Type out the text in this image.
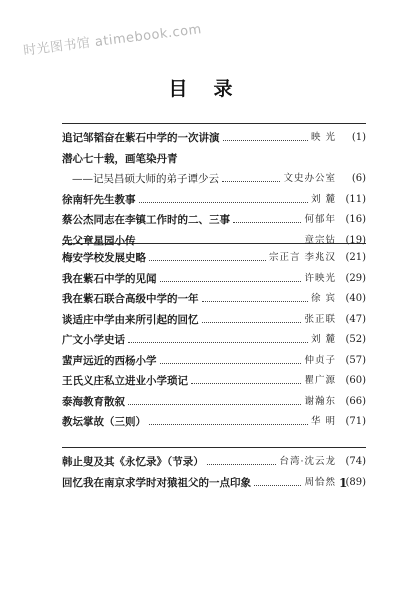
时光图书馆 atimebook.com
目录
追记邹韬奋在紫石中学的一次讲演	映 光	(1)
潜心七十载，画笔染丹青
——记吴昌硕大师的弟子谭少云	文史办公室	(6)
徐南轩先生教事	刘 麓 (11)
蔡公杰同志在李镇工作时的二、三事	何郁年 (16)
先父章星园小传	章宗钻 (19)
梅安学校发展史略	宗正言 李兆汉 (21)
我在紫石中学的见闻	许映光 (29)
我在紫石联合高级中学的一年	徐 宾 (40)
谈适庄中学由来所引起的回忆	张正联 (47)
广文小学史话	刘 麓 (52)
蜚声远近的西杨小学	仲贞子 (57)
王氏义庄私立进业小学琐记	瞿广源 (60)
泰海教育散叙	谢瀚东 (66)
教坛掌故（三则）	华 明 (71)
韩止叟及其《永忆录》（节录）	台湾·沈云龙 (74)
回忆我在南京求学时对猿祖父的一点印象	周恰然 (89)
1
